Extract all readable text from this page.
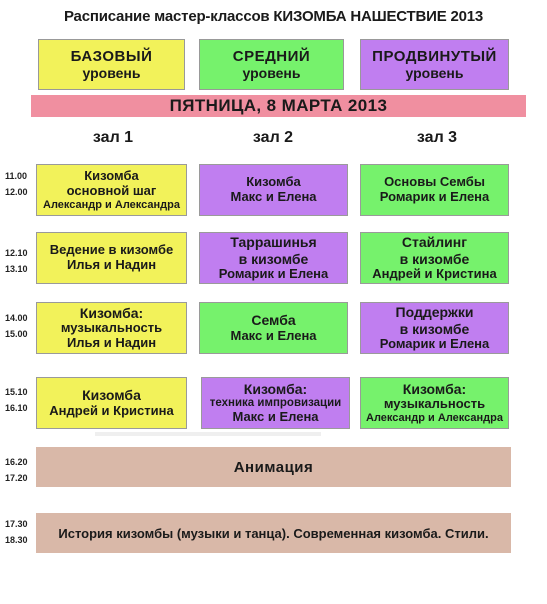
Расписание мастер-классов КИЗОМБА НАШЕСТВИЕ 2013
БАЗОВЫЙ
уровень
СРЕДНИЙ
уровень
ПРОДВИНУТЫЙ
уровень
ПЯТНИЦА, 8 МАРТА 2013
зал 1	зал 2	зал 3
11.00
12.00
12.10
13.10
14.00
15.00
15.10
16.10
16.20
17.20
17.30
18.30
Кизомба
основной шаг
Александр и Александра
Кизомба
Макс и Елена
Основы Сембы
Ромарик и Елена
Ведение в кизомбе
Илья и Надин
Таррашинья
в кизомбе
Ромарик и Елена
Стайлинг
в кизомбе
Андрей и Кристина
Кизомба:
музыкальность
Илья и Надин
Семба
Макс и Елена
Поддержки
в кизомбе
Ромарик и Елена
Кизомба
Андрей и Кристина
Кизомба:
техника импровизации
Макс и Елена
Кизомба:
музыкальность
Александр и Александра
Анимация
История кизомбы (музыки и танца). Современная кизомба. Стили.
